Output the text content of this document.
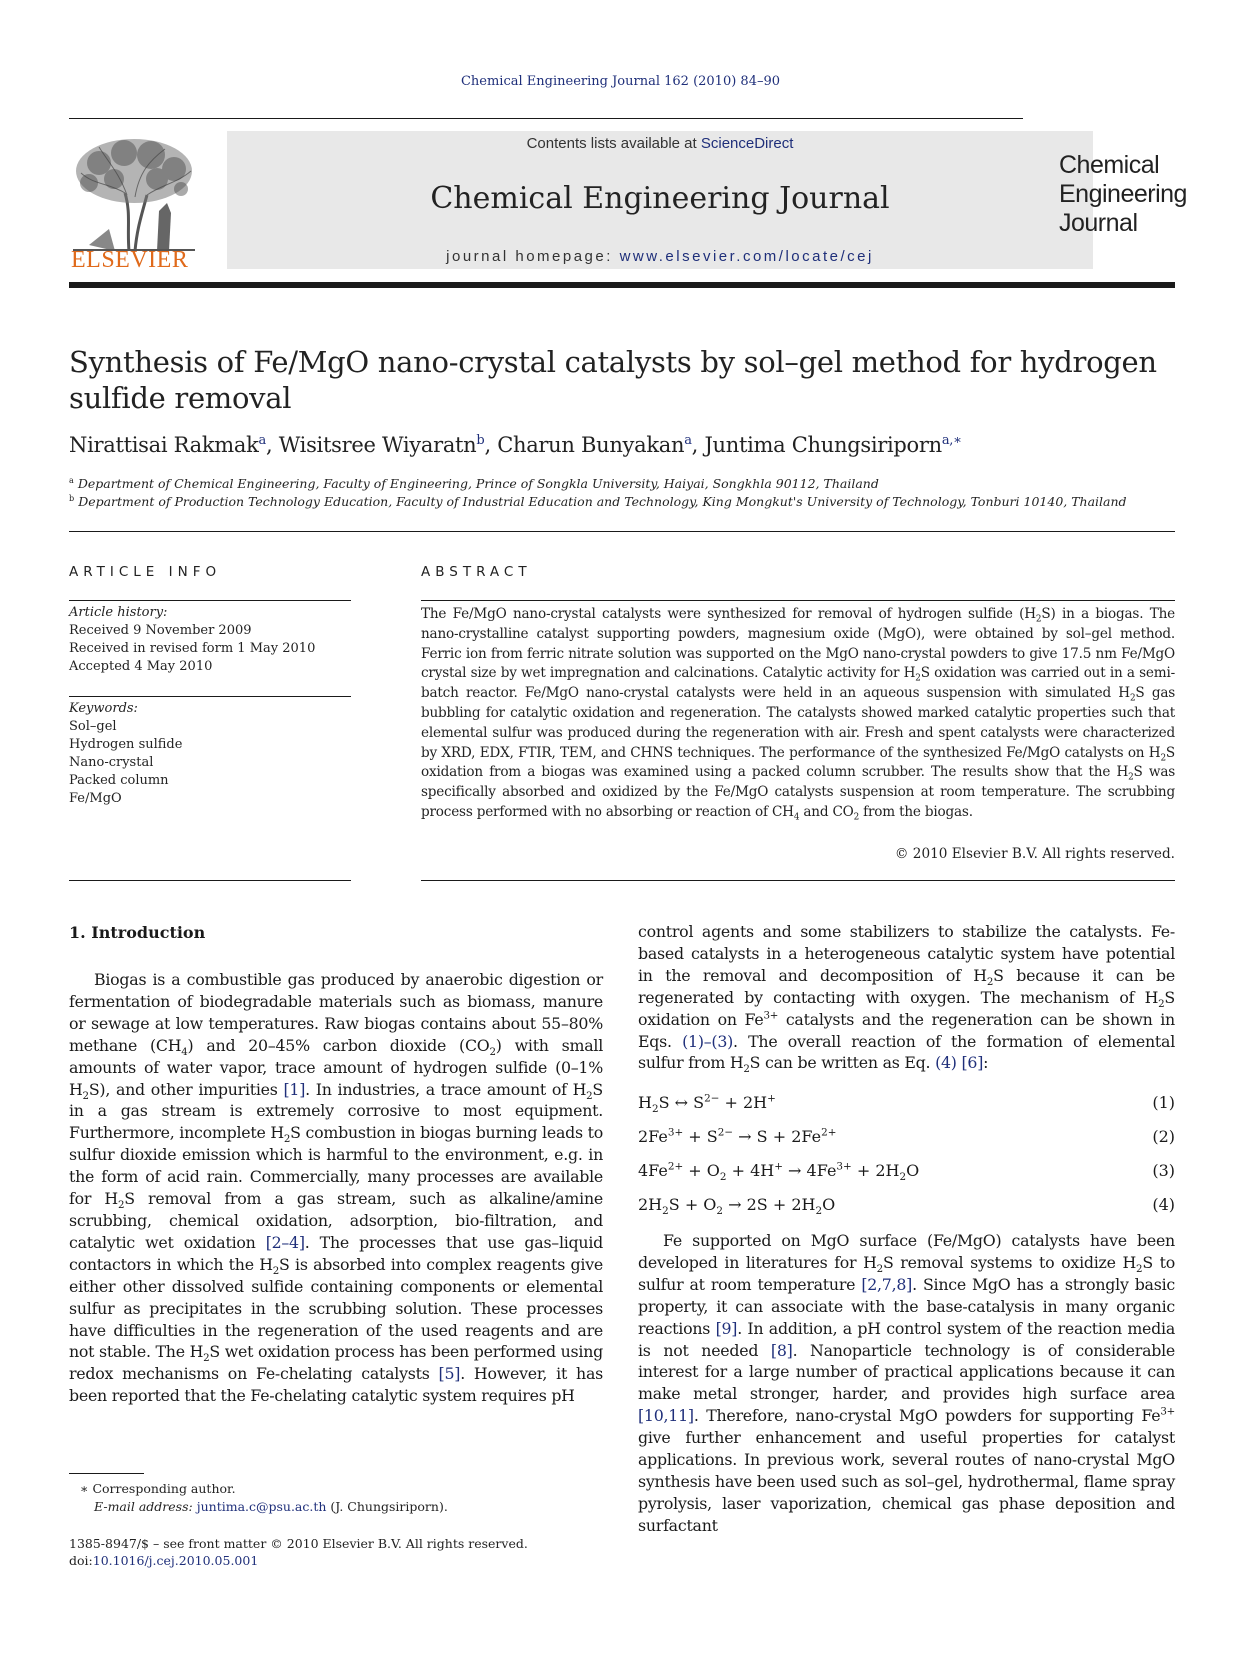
Chemical Engineering Journal 162 (2010) 84–90
ELSEVIER
Contents lists available at ScienceDirect
Chemical Engineering Journal
journal homepage: www.elsevier.com/locate/cej
Chemical
Engineering
Journal
Synthesis of Fe/MgO nano-crystal catalysts by sol–gel method for hydrogen sulfide removal
Nirattisai Rakmak$^a$, Wisitsree Wiyaratn$^b$, Charun Bunyakan$^a$, Juntima Chungsiriporn$^{a,∗}$
$^a$ Department of Chemical Engineering, Faculty of Engineering, Prince of Songkla University, Haiyai, Songkhla 90112, Thailand
$^b$ Department of Production Technology Education, Faculty of Industrial Education and Technology, King Mongkut's University of Technology, Tonburi 10140, Thailand
ARTICLE INFO
Article history:
Received 9 November 2009
Received in revised form 1 May 2010
Accepted 4 May 2010
Keywords:
Sol–gel
Hydrogen sulfide
Nano-crystal
Packed column
Fe/MgO
ABSTRACT
The Fe/MgO nano-crystal catalysts were synthesized for removal of hydrogen sulfide $(H_2S)$ in a biogas. The nano-crystalline catalyst supporting powders, magnesium oxide (MgO), were obtained by sol–gel method. Ferric ion from ferric nitrate solution was supported on the MgO nano-crystal powders to give 17.5 nm Fe/MgO crystal size by wet impregnation and calcinations. Catalytic activity for $H_2S$ oxidation was carried out in a semi-batch reactor. Fe/MgO nano-crystal catalysts were held in an aqueous suspension with simulated $H_2S$ gas bubbling for catalytic oxidation and regeneration. The catalysts showed marked catalytic properties such that elemental sulfur was produced during the regeneration with air. Fresh and spent catalysts were characterized by XRD, EDX, FTIR, TEM, and CHNS techniques. The performance of the synthesized Fe/MgO catalysts on $H_2S$ oxidation from a biogas was examined using a packed column scrubber. The results show that the $H_2S$ was specifically absorbed and oxidized by the Fe/MgO catalysts suspension at room temperature. The scrubbing process performed with no absorbing or reaction of $CH_4$ and $CO_2$ from the biogas.
© 2010 Elsevier B.V. All rights reserved.
1. Introduction

Biogas is a combustible gas produced by anaerobic digestion or fermentation of biodegradable materials such as biomass, manure or sewage at low temperatures. Raw biogas contains about 55–80% methane $(CH_4)$ and 20–45% carbon dioxide $(CO_2)$ with small amounts of water vapor, trace amount of hydrogen sulfide (0–1% $H_2S$), and other impurities [1]. In industries, a trace amount of $H_2S$ in a gas stream is extremely corrosive to most equipment. Furthermore, incomplete $H_2S$ combustion in biogas burning leads to sulfur dioxide emission which is harmful to the environment, e.g. in the form of acid rain. Commercially, many processes are available for $H_2S$ removal from a gas stream, such as alkaline/amine scrubbing, chemical oxidation, adsorption, bio-filtration, and catalytic wet oxidation [2–4]. The processes that use gas–liquid contactors in which the $H_2S$ is absorbed into complex reagents give either other dissolved sulfide containing components or elemental sulfur as precipitates in the scrubbing solution. These processes have difficulties in the regeneration of the used reagents and are not stable. The $H_2S$ wet oxidation process has been performed using redox mechanisms on Fe-chelating catalysts [5]. However, it has been reported that the Fe-chelating catalytic system requires pH

control agents and some stabilizers to stabilize the catalysts. Fe-based catalysts in a heterogeneous catalytic system have potential in the removal and decomposition of $H_2S$ because it can be regenerated by contacting with oxygen. The mechanism of $H_2S$ oxidation on $Fe^{3+}$ catalysts and the regeneration can be shown in Eqs. (1)–(3). The overall reaction of the formation of elemental sulfur from $H_2S$ can be written as Eq. (4) [6]:

$H_2S$ ↔ $S^{2-} + 2H^+$	(1)
$2Fe^{3+} + S^{2-} \to S + 2Fe^{2+}$	(2)
$4Fe^{2+} + O_2 + 4H^+ \to 4Fe^{3+} + 2H_2O$	(3)
$2H_2S + O_2 \to 2S + 2H_2O$	(4)

Fe supported on MgO surface (Fe/MgO) catalysts have been developed in literatures for $H_2S$ removal systems to oxidize $H_2S$ to sulfur at room temperature [2,7,8]. Since MgO has a strongly basic property, it can associate with the base-catalysis in many organic reactions [9]. In addition, a pH control system of the reaction media is not needed [8]. Nanoparticle technology is of considerable interest for a large number of practical applications because it can make metal stronger, harder, and provides high surface area [10,11]. Therefore, nano-crystal MgO powders for supporting $Fe^{3+}$ give further enhancement and useful properties for catalyst applications. In previous work, several routes of nano-crystal MgO synthesis have been used such as sol–gel, hydrothermal, flame spray pyrolysis, laser vaporization, chemical gas phase deposition and surfactant

∗ Corresponding author.
E-mail address: juntima.c@psu.ac.th (J. Chungsiriporn).
1385-8947/$ – see front matter © 2010 Elsevier B.V. All rights reserved.
doi:10.1016/j.cej.2010.05.001
